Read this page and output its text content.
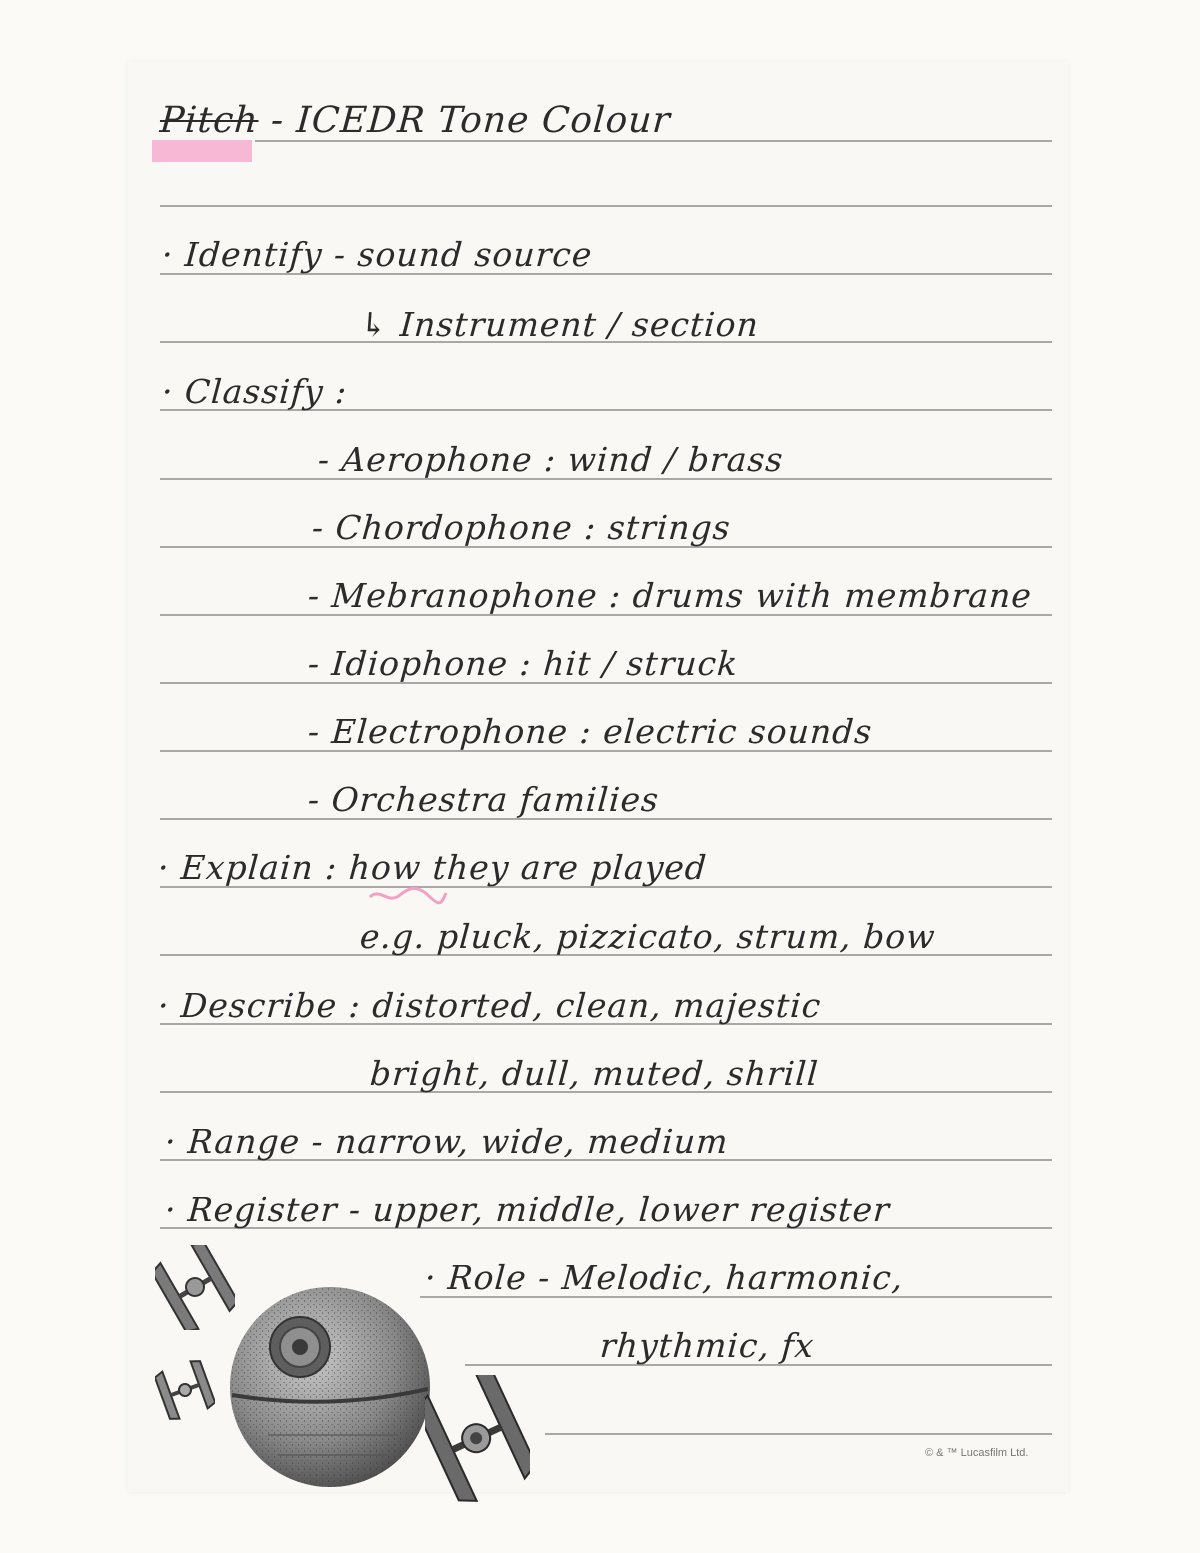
Pitch - ICEDR Tone Colour
· Identify - sound source
↳ Instrument / section
· Classify :
- Aerophone : wind / brass
- Chordophone : strings
- Mebranophone : drums with membrane
- Idiophone : hit / struck
- Electrophone : electric sounds
- Orchestra families
· Explain : how they are played
e.g. pluck, pizzicato, strum, bow
· Describe : distorted, clean, majestic
bright, dull, muted, shrill
· Range - narrow, wide, medium
· Register - upper, middle, lower register
· Role - Melodic, harmonic,
rhythmic, fx
© & ™ Lucasfilm Ltd.
